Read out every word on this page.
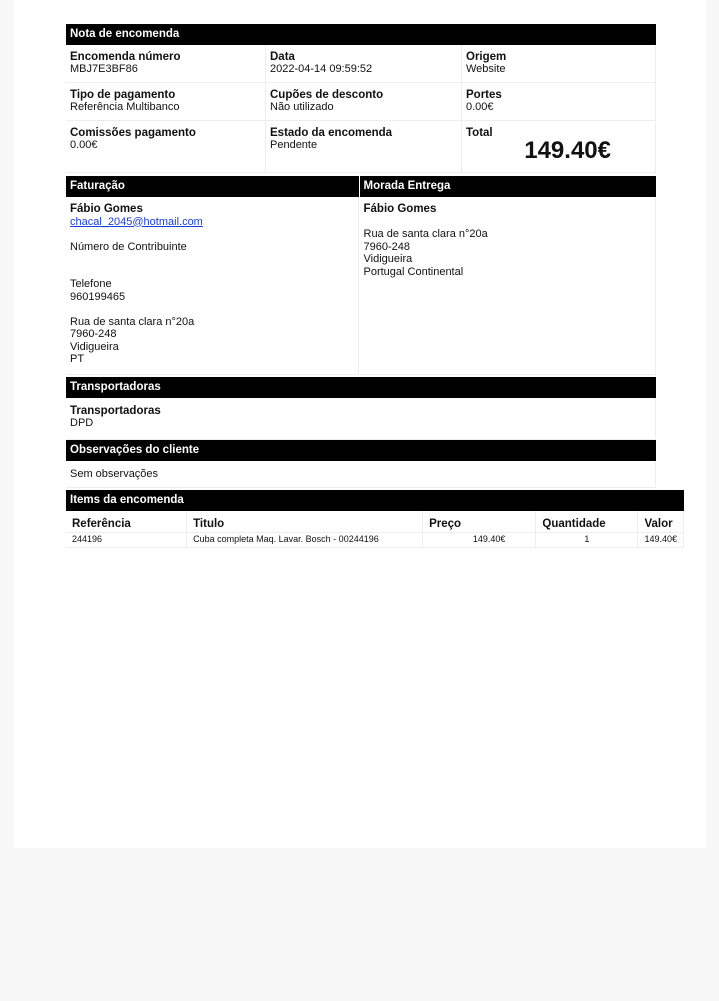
Nota de encomenda
Encomenda número
MBJ7E3BF86
Data
2022-04-14 09:59:52
Origem
Website
Tipo de pagamento
Referência Multibanco
Cupões de desconto
Não utilizado
Portes
0.00€
Comissões pagamento
0.00€
Estado da encomenda
Pendente
Total
149.40€
Faturação
Fábio Gomes
chacal_2045@hotmail.com
Número de Contribuinte
Telefone
960199465
Rua de santa clara n°20a
7960-248
Vidigueira
PT
Morada Entrega
Fábio Gomes
Rua de santa clara n°20a
7960-248
Vidigueira
Portugal Continental
Transportadoras
Transportadoras
DPD
Observações do cliente
Sem observações
Items da encomenda
Referência	Titulo	Preço	Quantidade	Valor
244196	Cuba completa Maq. Lavar. Bosch - 00244196	149.40€	1	149.40€
